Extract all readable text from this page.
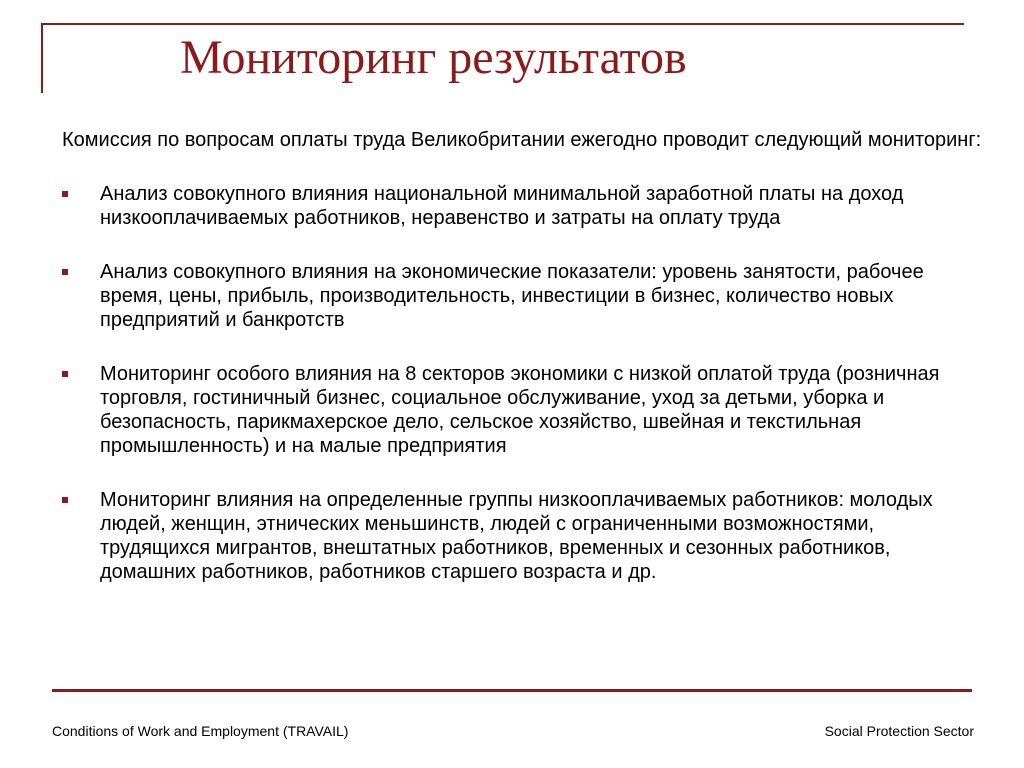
Мониторинг результатов

Комиссия по вопросам оплаты труда Великобритании ежегодно проводит следующий мониторинг:

Анализ совокупного влияния национальной минимальной заработной платы на доход низкооплачиваемых работников, неравенство и затраты на оплату труда
Анализ совокупного влияния на экономические показатели: уровень занятости, рабочее время, цены, прибыль, производительность, инвестиции в бизнес, количество новых предприятий и банкротств
Мониторинг особого влияния на 8 секторов экономики с низкой оплатой труда (розничная торговля, гостиничный бизнес, социальное обслуживание, уход за детьми, уборка и безопасность, парикмахерское дело, сельское хозяйство, швейная и текстильная промышленность) и на малые предприятия
Мониторинг влияния на определенные группы низкооплачиваемых работников: молодых людей, женщин, этнических меньшинств, людей с ограниченными возможностями, трудящихся мигрантов, внештатных работников, временных и сезонных работников, домашних работников, работников старшего возраста и др.
Conditions of Work and Employment (TRAVAIL)	Social Protection Sector
